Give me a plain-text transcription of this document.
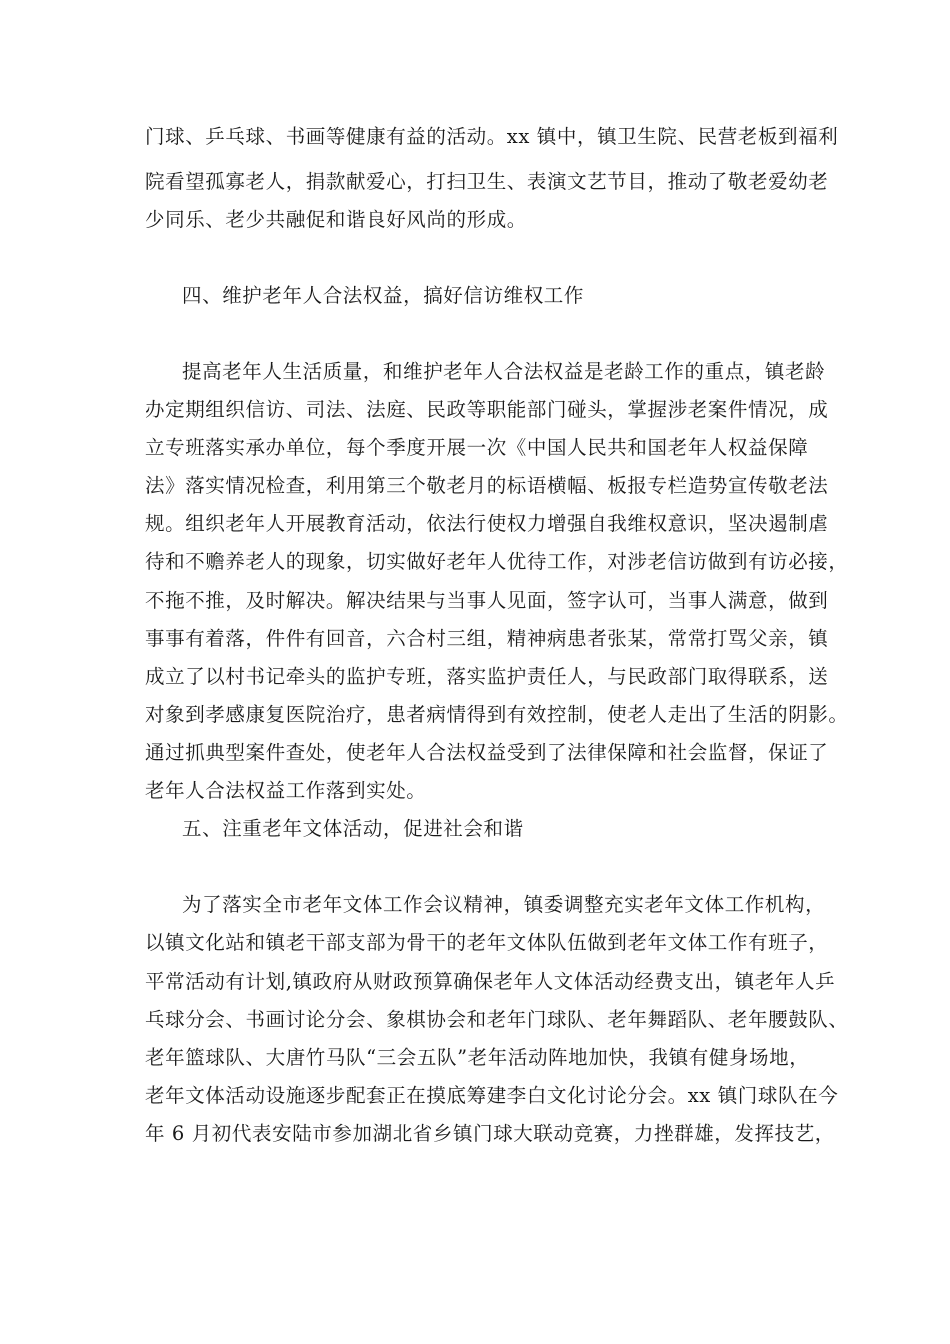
门球、乒乓球、书画等健康有益的活动。xx 镇中，镇卫生院、民营老板到福利
院看望孤寡老人，捐款献爱心，打扫卫生、表演文艺节目，推动了敬老爱幼老
少同乐、老少共融促和谐良好风尚的形成。
四、维护老年人合法权益，搞好信访维权工作
提高老年人生活质量，和维护老年人合法权益是老龄工作的重点，镇老龄
办定期组织信访、司法、法庭、民政等职能部门碰头，掌握涉老案件情况，成
立专班落实承办单位，每个季度开展一次《中国人民共和国老年人权益保障
法》落实情况检查，利用第三个敬老月的标语横幅、板报专栏造势宣传敬老法
规。组织老年人开展教育活动，依法行使权力增强自我维权意识，坚决遏制虐
待和不赡养老人的现象，切实做好老年人优待工作，对涉老信访做到有访必接，
不拖不推，及时解决。解决结果与当事人见面，签字认可，当事人满意，做到
事事有着落，件件有回音，六合村三组，精神病患者张某，常常打骂父亲，镇
成立了以村书记牵头的监护专班，落实监护责任人，与民政部门取得联系，送
对象到孝感康复医院治疗，患者病情得到有效控制，使老人走出了生活的阴影。
通过抓典型案件查处，使老年人合法权益受到了法律保障和社会监督，保证了
老年人合法权益工作落到实处。
五、注重老年文体活动，促进社会和谐
为了落实全市老年文体工作会议精神，镇委调整充实老年文体工作机构，
以镇文化站和镇老干部支部为骨干的老年文体队伍做到老年文体工作有班子，
平常活动有计划,镇政府从财政预算确保老年人文体活动经费支出，镇老年人乒
乓球分会、书画讨论分会、象棋协会和老年门球队、老年舞蹈队、老年腰鼓队、
老年篮球队、大唐竹马队“三会五队”老年活动阵地加快，我镇有健身场地，
老年文体活动设施逐步配套正在摸底筹建李白文化讨论分会。xx 镇门球队在今
年 6 月初代表安陆市参加湖北省乡镇门球大联动竞赛，力挫群雄，发挥技艺，
